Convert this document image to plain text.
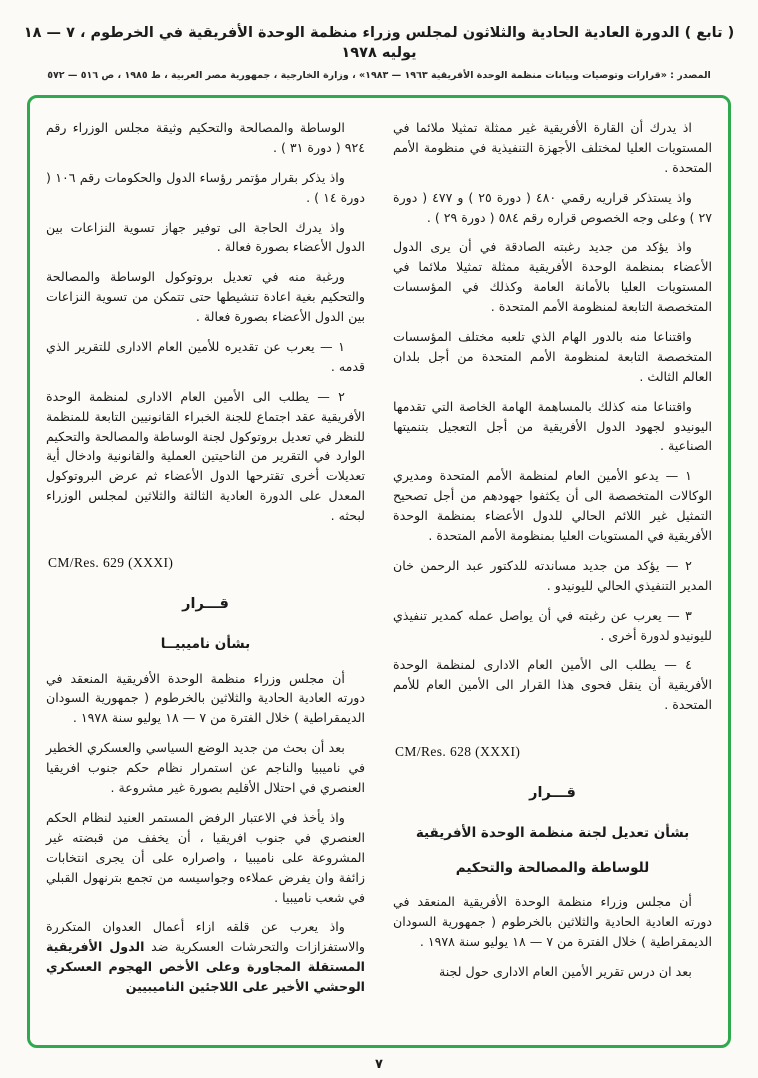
( تابع ) الدورة العادية الحادية والثلاثون لمجلس وزراء منظمة الوحدة الأفريقية في الخرطوم ، ٧ — ١٨ يوليه ١٩٧٨
المصدر : «قرارات وتوصيات وبيانات منظمة الوحدة الأفريقية ١٩٦٣ — ١٩٨٣» ، وزارة الخارجية ، جمهورية مصر العربية ، ط ١٩٨٥ ، ص ٥١٦ — ٥٧٢

اذ يدرك أن القارة الأفريقية غير ممثلة تمثيلا ملائما في المستويات العليا لمختلف الأجهزة التنفيذية في منظومة الأمم المتحدة .

واذ يستذكر قراريه رقمي ٤٨٠ ( دورة ٢٥ ) و ٤٧٧ ( دورة ٢٧ ) وعلى وجه الخصوص قراره رقم ٥٨٤ ( دورة ٢٩ ) .

واذ يؤكد من جديد رغبته الصادقة في أن يرى الدول الأعضاء بمنظمة الوحدة الأفريقية ممثلة تمثيلا ملائما في المستويات العليا بالأمانة العامة وكذلك في المؤسسات المتخصصة التابعة لمنظومة الأمم المتحدة .

واقتناعا منه بالدور الهام الذي تلعبه مختلف المؤسسات المتخصصة التابعة لمنظومة الأمم المتحدة من أجل بلدان العالم الثالث .

واقتناعا منه كذلك بالمساهمة الهامة الخاصة التي تقدمها اليونيدو لجهود الدول الأفريقية من أجل التعجيل بتنميتها الصناعية .

١ — يدعو الأمين العام لمنظمة الأمم المتحدة ومديري الوكالات المتخصصة الى أن يكثفوا جهودهم من أجل تصحيح التمثيل غير اللائم الحالي للدول الأعضاء بمنظمة الوحدة الأفريقية في المستويات العليا بمنظومة الأمم المتحدة .

٢ — يؤكد من جديد مساندته للدكتور عبد الرحمن خان المدير التنفيذي الحالي لليونيدو .

٣ — يعرب عن رغبته في أن يواصل عمله كمدير تنفيذي لليونيدو لدورة أخرى .

٤ — يطلب الى الأمين العام الادارى لمنظمة الوحدة الأفريقية أن ينقل فحوى هذا القرار الى الأمين العام للأمم المتحدة .

CM/Res. 628 (XXXI)

قـــرار
بشأن تعديل لجنة منظمة الوحدة الأفريقية
للوساطة والمصالحة والتحكيم

أن مجلس وزراء منظمة الوحدة الأفريقية المنعقد في دورته العادية الحادية والثلاثين بالخرطوم ( جمهورية السودان الديمقراطية ) خلال الفترة من ٧ — ١٨ يوليو سنة ١٩٧٨ .

بعد ان درس تقرير الأمين العام الادارى حول لجنة

الوساطة والمصالحة والتحكيم وثيقة مجلس الوزراء رقم ٩٢٤ ( دورة ٣١ ) .

واذ يذكر بقرار مؤتمر رؤساء الدول والحكومات رقم ١٠٦ ( دورة ١٤ ) .

واذ يدرك الحاجة الى توفير جهاز تسوية النزاعات بين الدول الأعضاء بصورة فعالة .

ورغبة منه في تعديل بروتوكول الوساطة والمصالحة والتحكيم بغية اعادة تنشيطها حتى تتمكن من تسوية النزاعات بين الدول الأعضاء بصورة فعالة .

١ — يعرب عن تقديره للأمين العام الادارى للتقرير الذي قدمه .

٢ — يطلب الى الأمين العام الادارى لمنظمة الوحدة الأفريقية عقد اجتماع للجنة الخبراء القانونيين التابعة للمنظمة للنظر في تعديل بروتوكول لجنة الوساطة والمصالحة والتحكيم الوارد في التقرير من الناحيتين العملية والقانونية وادخال أية تعديلات أخرى تقترحها الدول الأعضاء ثم عرض البروتوكول المعدل على الدورة العادية الثالثة والثلاثين لمجلس الوزراء لبحثه .

CM/Res. 629 (XXXI)

قـــرار
بشأن ناميبيــا

أن مجلس وزراء منظمة الوحدة الأفريقية المنعقد في دورته العادية الحادية والثلاثين بالخرطوم ( جمهورية السودان الديمقراطية ) خلال الفترة من ٧ — ١٨ يوليو سنة ١٩٧٨ .

بعد أن بحث من جديد الوضع السياسي والعسكري الخطير في ناميبيا والناجم عن استمرار نظام حكم جنوب افريقيا العنصري في احتلال الأقليم بصورة غير مشروعة .

واذ يأخذ في الاعتبار الرفض المستمر العنيد لنظام الحكم العنصري في جنوب افريقيا ، أن يخفف من قبضته غير المشروعة على ناميبيا ، واصراره على أن يجرى انتخابات زائفة وان يفرض عملاءه وجواسيسه من تجمع بترنهول القبلي في شعب ناميبيا .

واذ يعرب عن قلقه ازاء أعمال العدوان المتكررة والاستفزازات والتحرشات العسكرية ضد الدول الأفريقية المستقلة المجاورة وعلى الأخص الهجوم العسكري الوحشي الأخير على اللاجئين الناميبيين

٧
